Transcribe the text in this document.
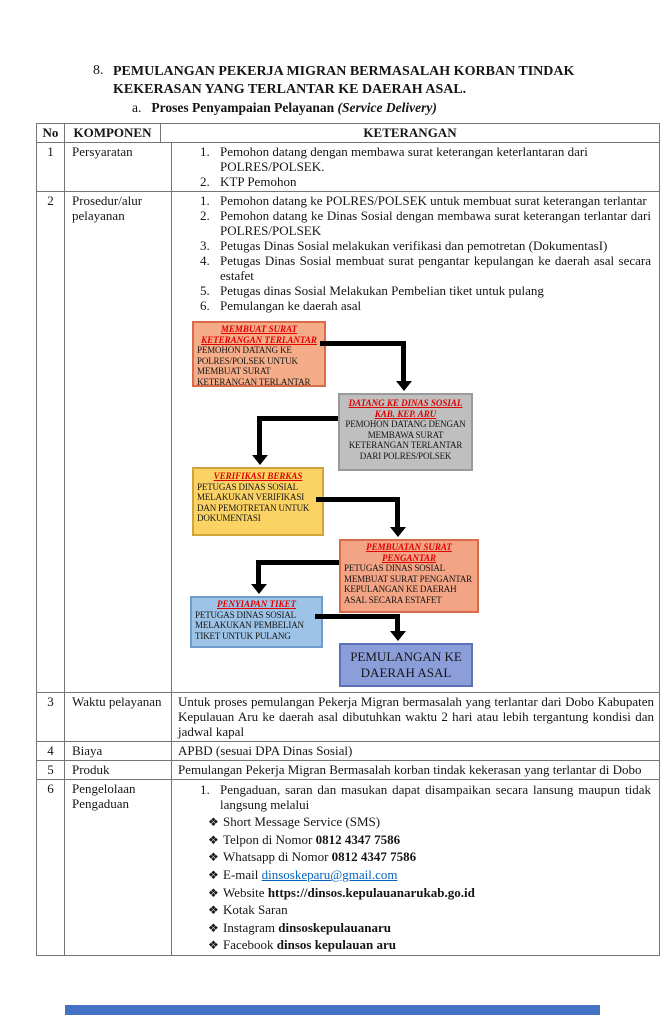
8. PEMULANGAN PEKERJA MIGRAN BERMASALAH KORBAN TINDAK
KEKERASAN YANG TERLANTAR KE DAERAH ASAL.
a. Proses Penyampaian Pelayanan (Service Delivery)
No	KOMPONEN	KETERANGAN
1	Persyaratan	1. Pemohon datang dengan membawa surat keterangan keterlantaran dari POLRES/POLSEK.
2. KTP Pemohon
2	Prosedur/alur pelayanan
1. Pemohon datang ke POLRES/POLSEK untuk membuat surat keterangan terlantar
2. Pemohon datang ke Dinas Sosial dengan membawa surat keterangan terlantar dari POLRES/POLSEK
3. Petugas Dinas Sosial melakukan verifikasi dan pemotretan (DokumentasI)
4. Petugas Dinas Sosial membuat surat pengantar kepulangan ke daerah asal secara estafet
5. Petugas dinas Sosial Melakukan Pembelian tiket untuk pulang
6. Pemulangan ke daerah asal
MEMBUAT SURAT KETERANGAN TERLANTAR
PEMOHON DATANG KE POLRES/POLSEK UNTUK MEMBUAT SURAT KETERANGAN TERLANTAR
DATANG KE DINAS SOSIAL KAB. KEP. ARU
PEMOHON DATANG DENGAN MEMBAWA SURAT KETERANGAN TERLANTAR DARI POLRES/POLSEK
VERIFIKASI BERKAS
PETUGAS DINAS SOSIAL MELAKUKAN VERIFIKASI DAN PEMOTRETAN UNTUK DOKUMENTASI
PEMBUATAN SURAT PENGANTAR
PETUGAS DINAS SOSIAL MEMBUAT SURAT PENGANTAR KEPULANGAN KE DAERAH ASAL SECARA ESTAFET
PENYIAPAN TIKET
PETUGAS DINAS SOSIAL MELAKUKAN PEMBELIAN TIKET UNTUK PULANG
PEMULANGAN KE DAERAH ASAL
3	Waktu pelayanan	Untuk proses pemulangan Pekerja Migran bermasalah yang terlantar dari Dobo Kabupaten Kepulauan Aru ke daerah asal dibutuhkan waktu 2 hari atau lebih tergantung kondisi dan jadwal kapal
4	Biaya	APBD (sesuai DPA Dinas Sosial)
5	Produk	Pemulangan Pekerja Migran Bermasalah korban tindak kekerasan yang terlantar di Dobo
6	Pengelolaan Pengaduan
1. Pengaduan, saran dan masukan dapat disampaikan secara lansung maupun tidak langsung melalui
❖ Short Message Service (SMS)
❖ Telpon di Nomor 0812 4347 7586
❖ Whatsapp di Nomor 0812 4347 7586
❖ E-mail dinsoskeparu@gmail.com
❖ Website https://dinsos.kepulauanarukab.go.id
❖ Kotak Saran
❖ Instagram dinsoskepulauanaru
❖ Facebook dinsos kepulauan aru
